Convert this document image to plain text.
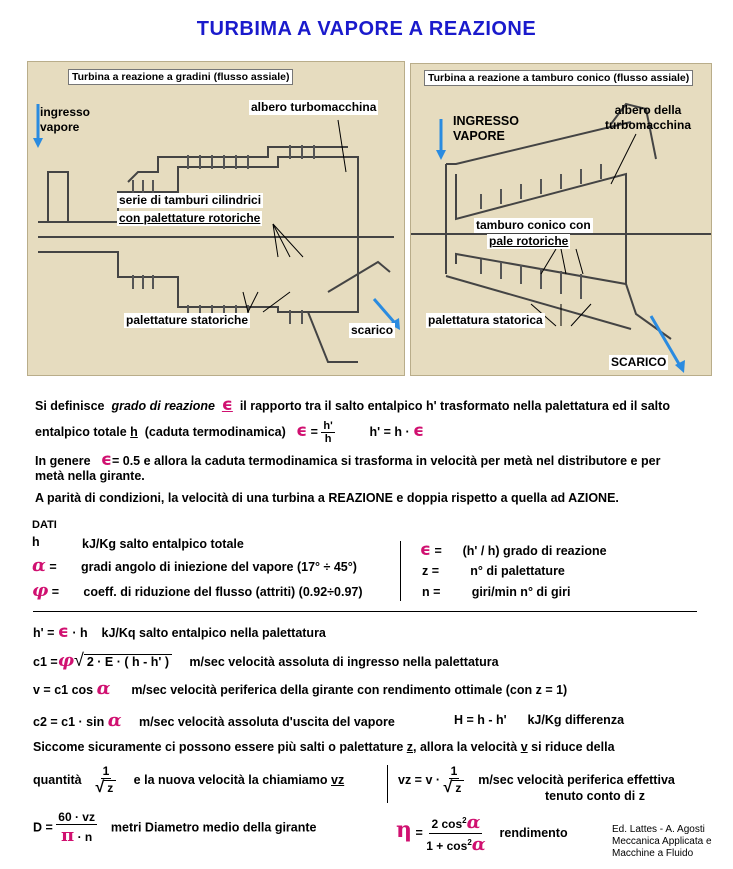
TURBIMA A VAPORE A REAZIONE
Turbina a reazione a gradini (flusso assiale)
ingresso
vapore
albero turbomacchina
serie di tamburi cilindrici
con palettature rotoriche
palettature statoriche
scarico
Turbina a reazione a tamburo conico (flusso assiale)
INGRESSO
VAPORE
albero della
turbomacchina
tamburo conico con
pale rotoriche
palettatura statorica
SCARICO
Si definisce grado di reazione ϵ il rapporto tra il salto entalpico h' trasformato nella palettatura ed il salto
entalpico totale h (caduta termodinamica) $\epsilon = \frac{h'}{h}$	h' = h · ϵ
In genere ϵ= 0.5 e allora la caduta termodinamica si trasforma in velocità per metà nel distributore e per
metà nella girante.
A parità di condizioni, la velocità di una turbina a REAZIONE e doppia rispetto a quella ad AZIONE.
DATI
h	kJ/Kg salto entalpico totale
α =       gradi angolo di iniezione del vapore (17° ÷ 45°)
φ =       coeff. di riduzione del flusso (attriti) (0.92÷0.97)
ϵ =      (h' / h) grado di reazione
z =	n° di palettature
n =	giri/min n° di giri
h' = ϵ · h kJ/Kq salto entalpico nella palettatura
c1 =φ√ 2 · E · ( h - h' ) m/sec velocità assoluta di ingresso nella palettatura
v = c1 cos α m/sec velocità periferica della girante con rendimento ottimale (con z = 1)
c2 = c1 · sin α m/sec velocità assoluta d'uscita del vapore	H = h - h' kJ/Kg differenza
Siccome sicuramente ci possono essere più salti o palettature z, allora la velocità v si riduce della
quantità $\frac{1}{√ z}$ e la nuova velocità la chiamiamo vz	vz = $v \cdot \frac{1}{√ z} m/\sec$ velocità periferica effettiva
tenuto conto di z
$D = \frac{60 \cdot vz}{\pi \cdot n}$ metri Diametro medio della girante	$\eta = \frac{2 \cos^2\alpha}{1 + \cos^2\alpha}$ rendimento	Ed. Lattes - A. Agosti
Meccanica Applicata e
Macchine a Fluido
